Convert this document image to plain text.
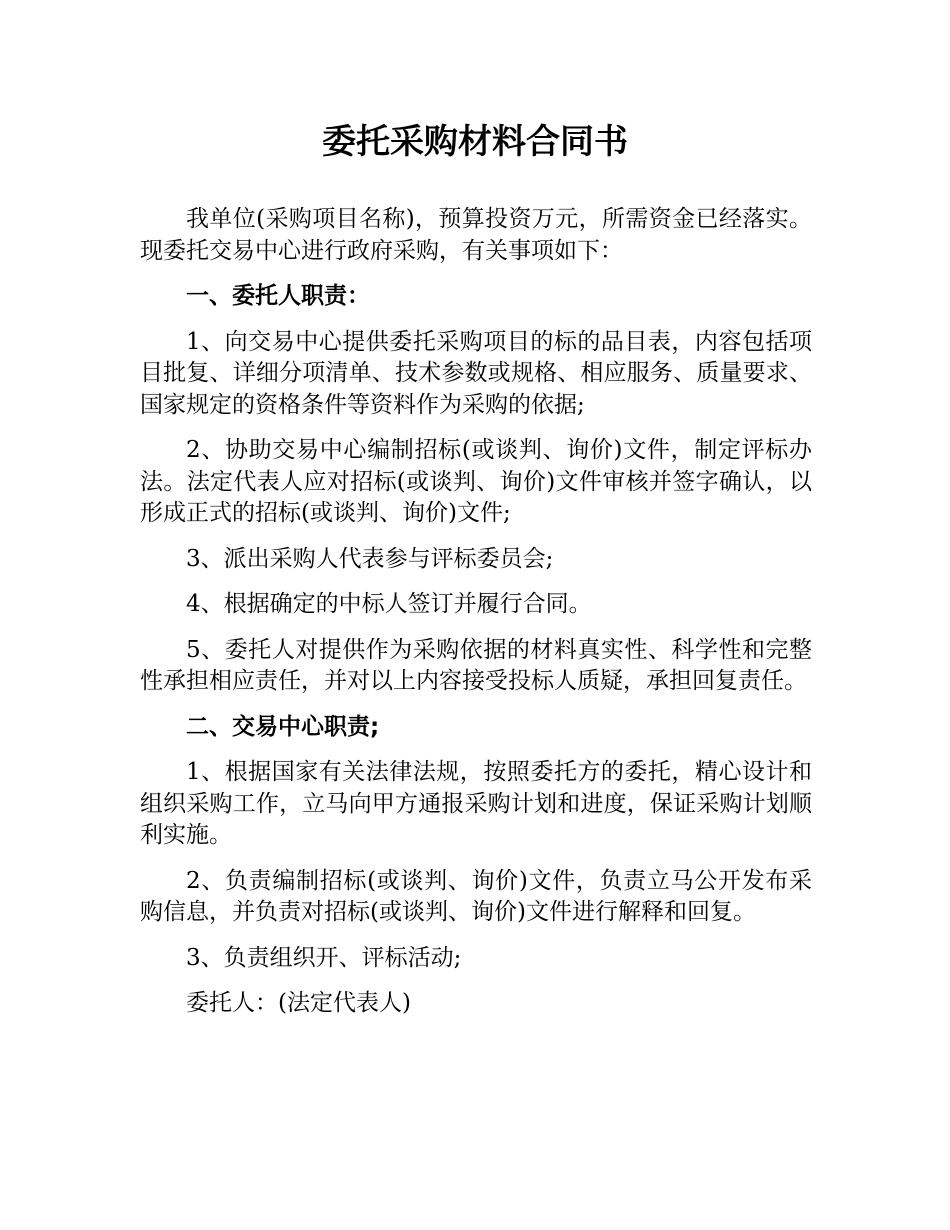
委托采购材料合同书

我单位(采购项目名称)，预算投资万元，所需资金已经落实。现委托交易中心进行政府采购，有关事项如下：

一、委托人职责：

1、向交易中心提供委托采购项目的标的品目表，内容包括项目批复、详细分项清单、技术参数或规格、相应服务、质量要求、国家规定的资格条件等资料作为采购的依据;

2、协助交易中心编制招标(或谈判、询价)文件，制定评标办法。法定代表人应对招标(或谈判、询价)文件审核并签字确认，以形成正式的招标(或谈判、询价)文件;

3、派出采购人代表参与评标委员会;

4、根据确定的中标人签订并履行合同。

5、委托人对提供作为采购依据的材料真实性、科学性和完整性承担相应责任，并对以上内容接受投标人质疑，承担回复责任。

二、交易中心职责;

1、根据国家有关法律法规，按照委托方的委托，精心设计和组织采购工作，立马向甲方通报采购计划和进度，保证采购计划顺利实施。

2、负责编制招标(或谈判、询价)文件，负责立马公开发布采购信息，并负责对招标(或谈判、询价)文件进行解释和回复。

3、负责组织开、评标活动;

委托人：(法定代表人)
